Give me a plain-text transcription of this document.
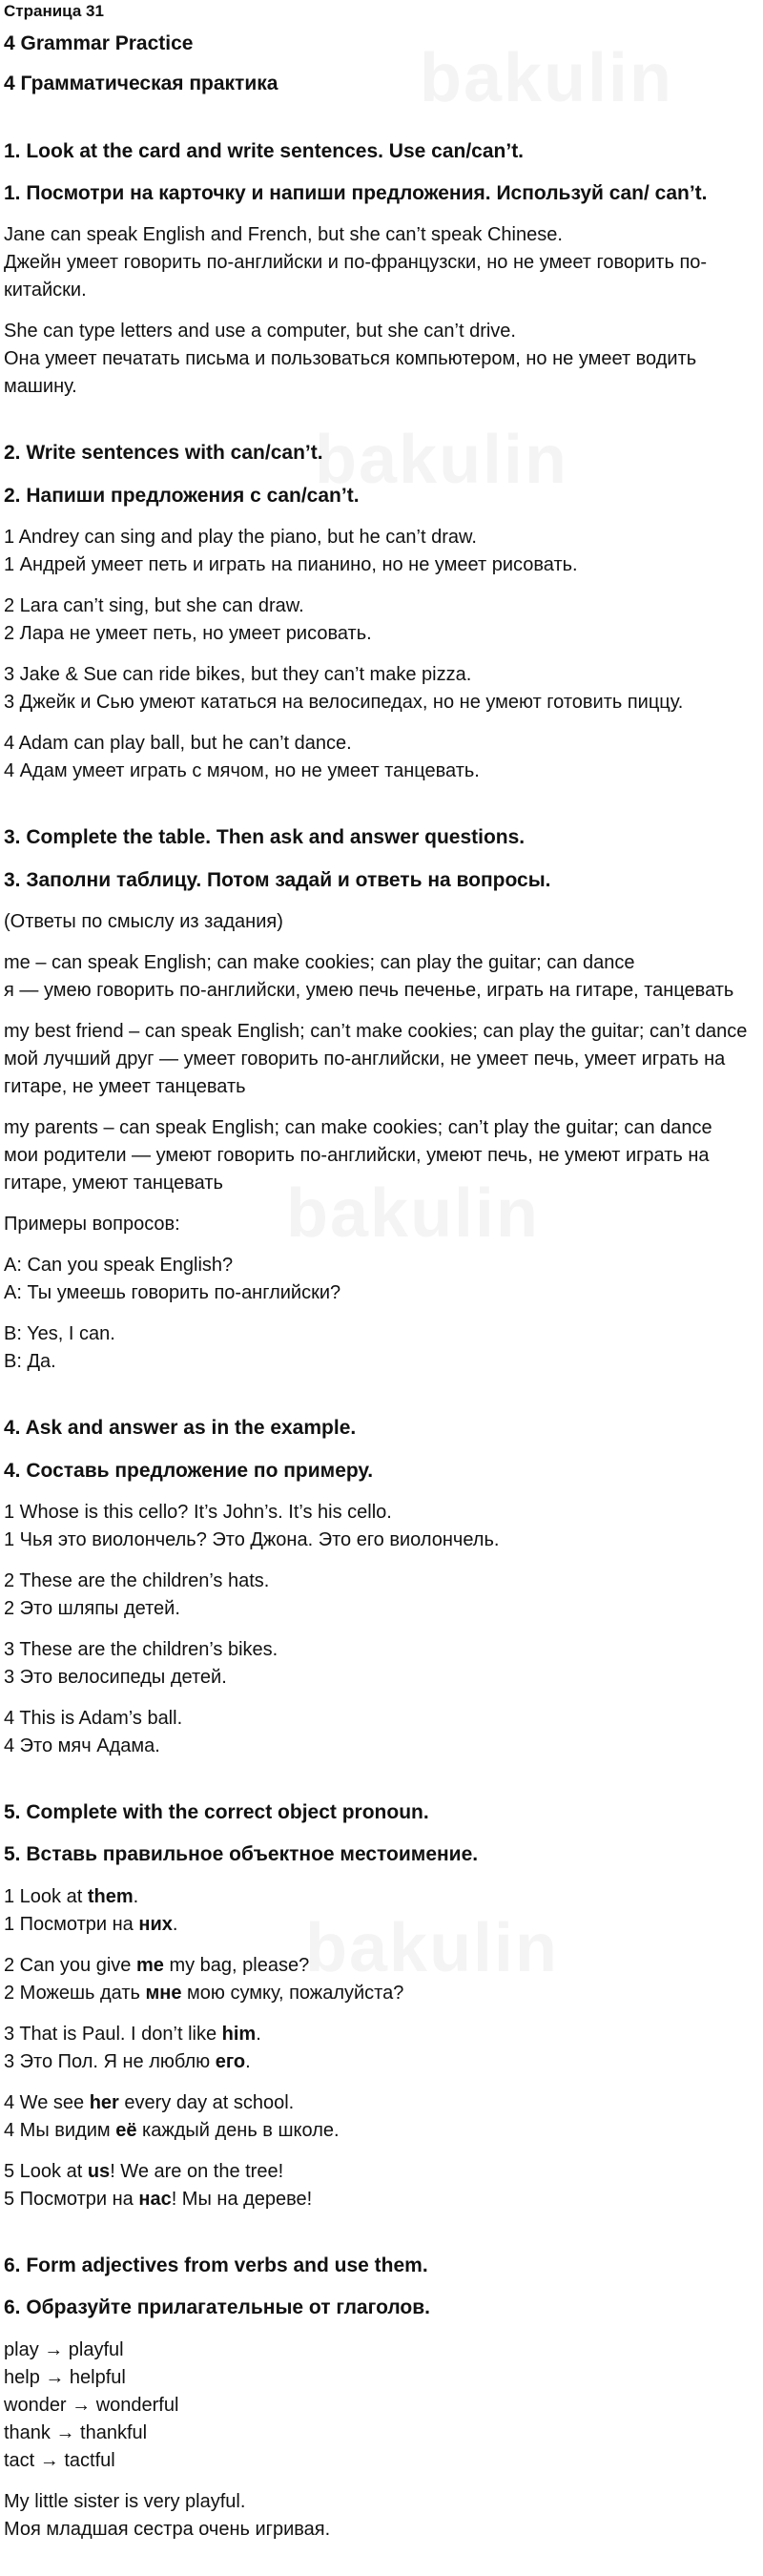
Страница 31
4 Grammar Practice
4 Грамматическая практика
1. Look at the card and write sentences. Use can/can’t.
1. Посмотри на карточку и напиши предложения. Используй can/ can’t.
Jane can speak English and French, but she can’t speak Chinese.
Джейн умеет говорить по-английски и по-французски, но не умеет говорить по-китайски.
She can type letters and use a computer, but she can’t drive.
Она умеет печатать письма и пользоваться компьютером, но не умеет водить машину.
2. Write sentences with can/can’t.
2. Напиши предложения с can/can’t.
1 Andrey can sing and play the piano, but he can’t draw.
1 Андрей умеет петь и играть на пианино, но не умеет рисовать.
2 Lara can’t sing, but she can draw.
2 Лара не умеет петь, но умеет рисовать.
3 Jake & Sue can ride bikes, but they can’t make pizza.
3 Джейк и Сью умеют кататься на велосипедах, но не умеют готовить пиццу.
4 Adam can play ball, but he can’t dance.
4 Адам умеет играть с мячом, но не умеет танцевать.
3. Complete the table. Then ask and answer questions.
3. Заполни таблицу. Потом задай и ответь на вопросы.
(Ответы по смыслу из задания)
me – can speak English; can make cookies; can play the guitar; can dance
я — умею говорить по-английски, умею печь печенье, играть на гитаре, танцевать
my best friend – can speak English; can’t make cookies; can play the guitar; can’t dance
мой лучший друг — умеет говорить по-английски, не умеет печь, умеет играть на гитаре, не умеет танцевать
my parents – can speak English; can make cookies; can’t play the guitar; can dance
мои родители — умеют говорить по-английски, умеют печь, не умеют играть на гитаре, умеют танцевать
Примеры вопросов:
A: Can you speak English?
А: Ты умеешь говорить по-английски?
B: Yes, I can.
В: Да.
4. Ask and answer as in the example.
4. Составь предложение по примеру.
1 Whose is this cello? It’s John’s. It’s his cello.
1 Чья это виолончель? Это Джона. Это его виолончель.
2 These are the children’s hats.
2 Это шляпы детей.
3 These are the children’s bikes.
3 Это велосипеды детей.
4 This is Adam’s ball.
4 Это мяч Адама.
5. Complete with the correct object pronoun.
5. Вставь правильное объектное местоимение.
1 Look at them.
1 Посмотри на них.
2 Can you give me my bag, please?
2 Можешь дать мне мою сумку, пожалуйста?
3 That is Paul. I don’t like him.
3 Это Пол. Я не люблю его.
4 We see her every day at school.
4 Мы видим её каждый день в школе.
5 Look at us! We are on the tree!
5 Посмотри на нас! Мы на дереве!
6. Form adjectives from verbs and use them.
6. Образуйте прилагательные от глаголов.
play → playful
help → helpful
wonder → wonderful
thank → thankful
tact → tactful
My little sister is very playful.
Моя младшая сестра очень игривая.
